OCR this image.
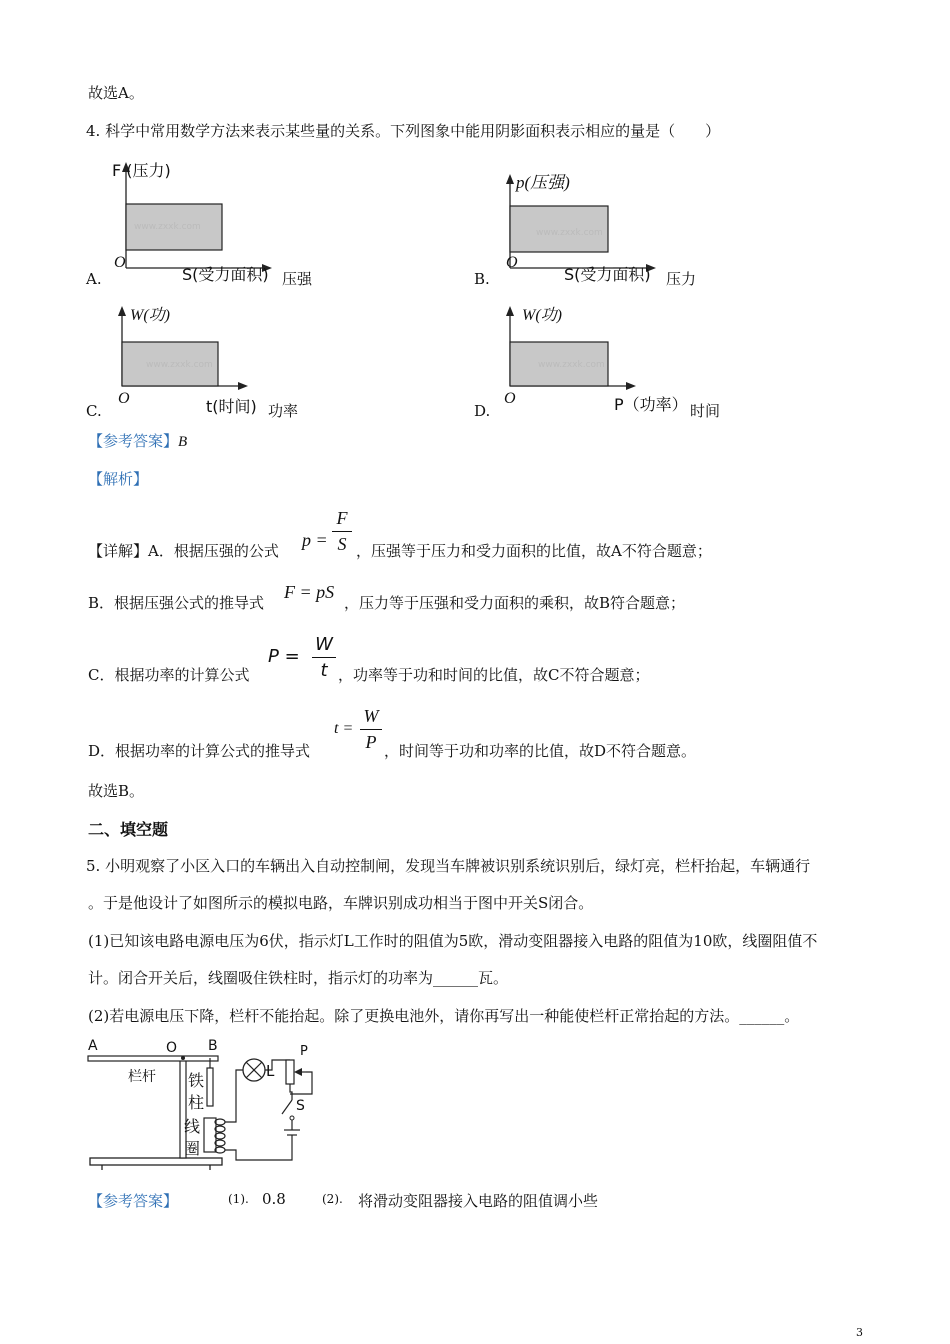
故选A。
4. 科学中常用数学方法来表示某些量的关系。下列图象中能用阴影面积表示相应的量是（　　）
A.
F (压力)
www.zxxk.com
O
S(受力面积) 压强	B.
p(压强)
www.zxxk.com
O
S(受力面积) 压力
C.
W(功)
www.zxxk.com
O	t(时间) 功率	D.
W(功)
www.zxxk.com
O	P（功率） 时间
【参考答案】B
【解析】
【详解】A．根据压强的公式
p =
F
S ，压强等于压力和受力面积的比值，故A不符合题意；
B．根据压强公式的推导式
F = pS
，压力等于压强和受力面积的乘积，故B符合题意；
C．根据功率的计算公式
P =
W
t ，功率等于功和时间的比值，故C不符合题意；
D．根据功率的计算公式的推导式
t =
W
P ，时间等于功和功率的比值，故D不符合题意。
故选B。
二、填空题
5. 小明观察了小区入口的车辆出入自动控制闸，发现当车牌被识别系统识别后，绿灯亮，栏杆抬起，车辆通行
。于是他设计了如图所示的模拟电路，车牌识别成功相当于图中开关S闭合。
(1)已知该电路电源电压为6伏，指示灯L工作时的阻值为5欧，滑动变阻器接入电路的阻值为10欧，线圈阻值不
计。闭合开关后，线圈吸住铁柱时，指示灯的功率为______瓦。
(2)若电源电压下降，栏杆不能抬起。除了更换电池外，请你再写出一种能使栏杆正常抬起的方法。______。
A	O B
栏杆 铁
柱
线
圈
L
P
S
【参考答案】	(1). 0.8	(2). 将滑动变阻器接入电路的阻值调小些
3
